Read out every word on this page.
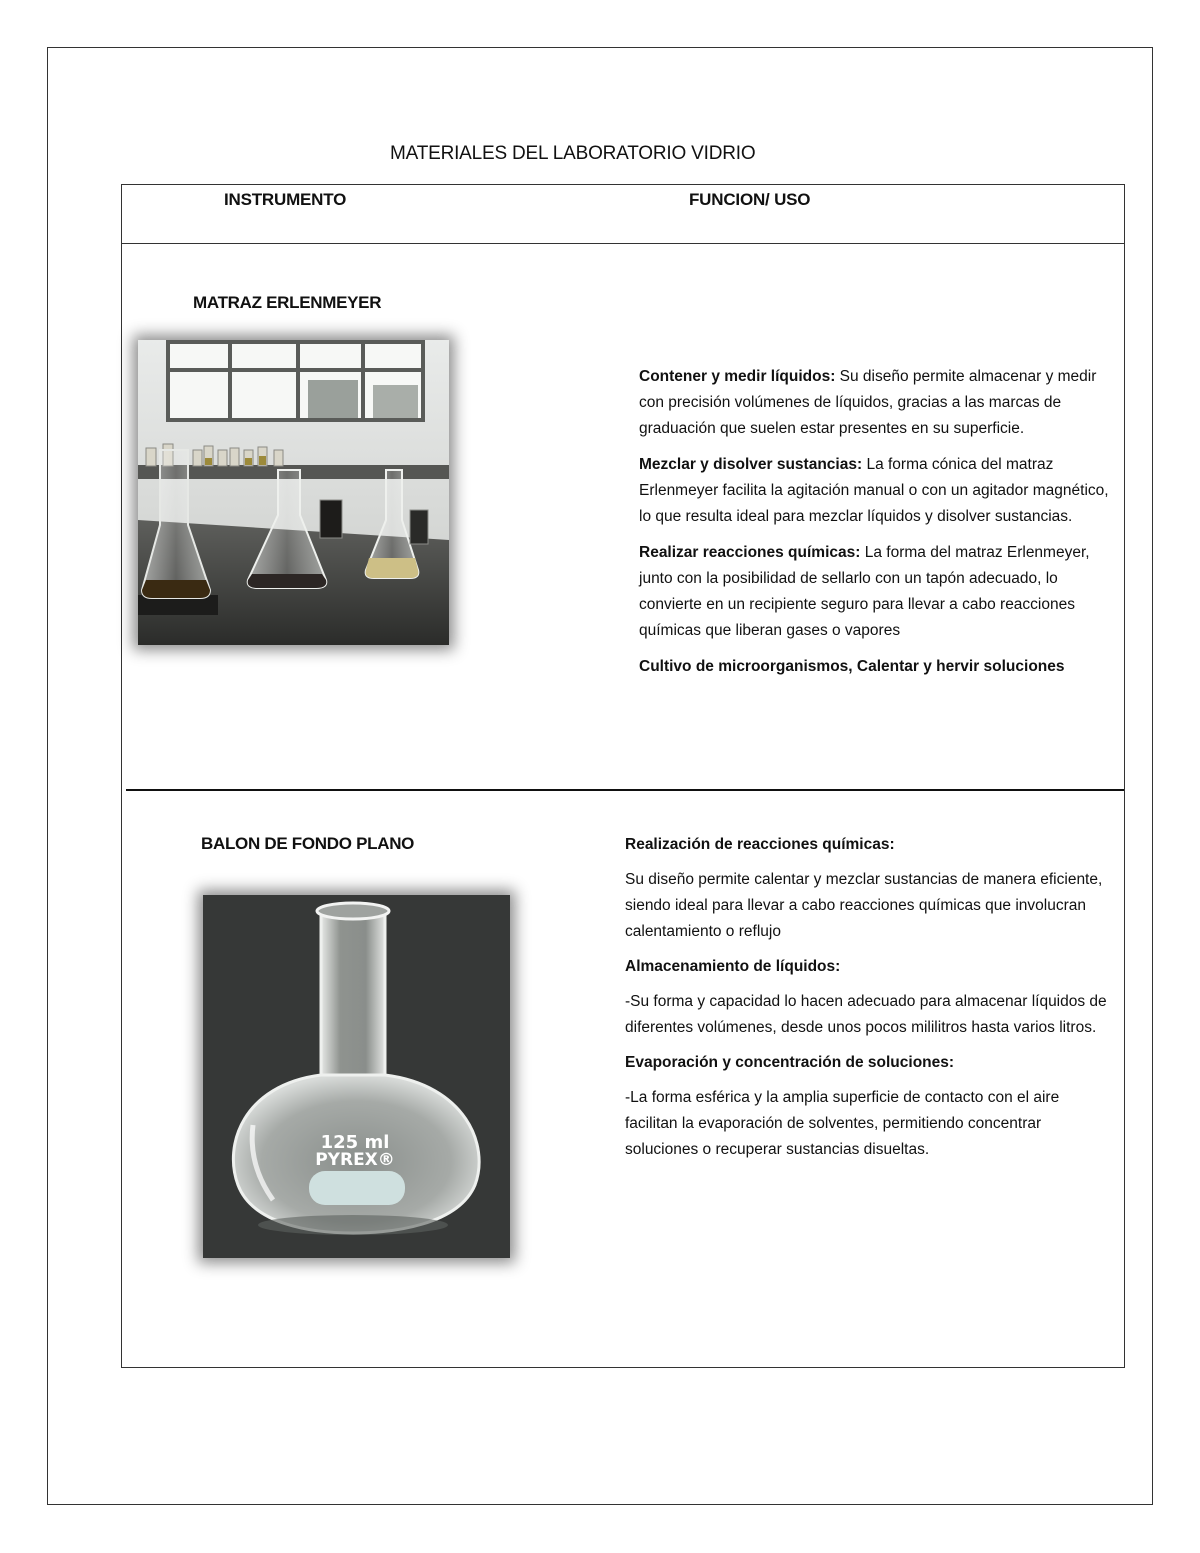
MATERIALES DEL LABORATORIO VIDRIO
INSTRUMENTO	FUNCION/ USO
MATRAZ ERLENMEYER

Contener y medir líquidos: Su diseño permite almacenar y medir con precisión volúmenes de líquidos, gracias a las marcas de graduación que suelen estar presentes en su superficie.

Mezclar y disolver sustancias: La forma cónica del matraz Erlenmeyer facilita la agitación manual o con un agitador magnético, lo que resulta ideal para mezclar líquidos y disolver sustancias.

Realizar reacciones químicas: La forma del matraz Erlenmeyer, junto con la posibilidad de sellarlo con un tapón adecuado, lo convierte en un recipiente seguro para llevar a cabo reacciones químicas que liberan gases o vapores

Cultivo de microorganismos, Calentar y hervir soluciones

BALON DE FONDO PLANO
125 ml
PYREX®

Realización de reacciones químicas:

Su diseño permite calentar y mezclar sustancias de manera eficiente, siendo ideal para llevar a cabo reacciones químicas que involucran calentamiento o reflujo

Almacenamiento de líquidos:

-Su forma y capacidad lo hacen adecuado para almacenar líquidos de diferentes volúmenes, desde unos pocos mililitros hasta varios litros.

Evaporación y concentración de soluciones:

-La forma esférica y la amplia superficie de contacto con el aire facilitan la evaporación de solventes, permitiendo concentrar soluciones o recuperar sustancias disueltas.
